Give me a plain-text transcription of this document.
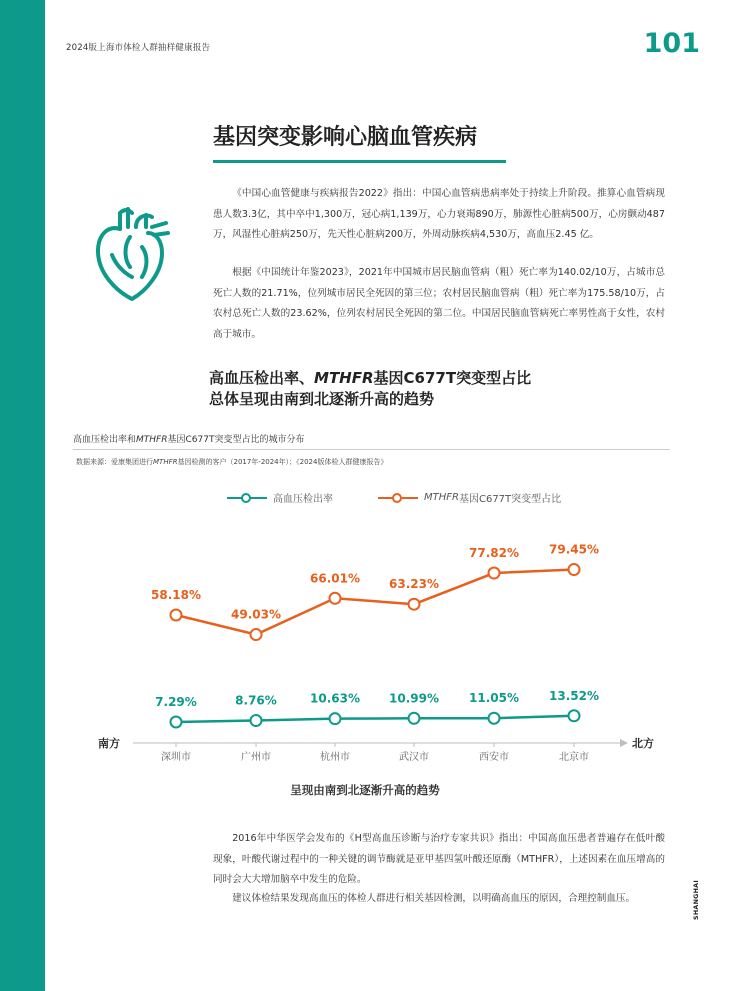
2024版上海市体检人群抽样健康报告	101
基因突变影响心脑血管疾病

《中国心血管健康与疾病报告2022》指出：中国心血管病患病率处于持续上升阶段。推算心血管病现患人数3.3亿，其中卒中1,300万，冠心病1,139万，心力衰竭890万，肺源性心脏病500万，心房颤动487万，风湿性心脏病250万，先天性心脏病200万，外周动脉疾病4,530万，高血压2.45 亿。

根据《中国统计年鉴2023》，2021年中国城市居民脑血管病（粗）死亡率为140.02/10万，占城市总死亡人数的21.71%，位列城市居民全死因的第三位；农村居民脑血管病（粗）死亡率为175.58/10万，占农村总死亡人数的23.62%，位列农村居民全死因的第二位。中国居民脑血管病死亡率男性高于女性，农村高于城市。

高血压检出率、MTHFR基因C677T突变型占比
总体呈现由南到北逐渐升高的趋势
高血压检出率和MTHFR基因C677T突变型占比的城市分布
数据来源：爱康集团进行MTHFR基因检测的客户（2017年-2024年）；《2024版体检人群健康报告》
高血压检出率	MTHFR 基因C677T突变型占比
南方	北方
深圳市	广州市	杭州市	武汉市	西安市	北京市
58.18%
49.03%
66.01% 63.23%
77.82%	79.45%
7.29%	8.76%	10.63% 10.99%	11.05%	13.52%
呈现由南到北逐渐升高的趋势

2016年中华医学会发布的《H型高血压诊断与治疗专家共识》指出：中国高血压患者普遍存在低叶酸现象，叶酸代谢过程中的一种关键的调节酶就是亚甲基四氢叶酸还原酶（MTHFR），上述因素在血压增高的同时会大大增加脑卒中发生的危险。

建议体检结果发现高血压的体检人群进行相关基因检测，以明确高血压的原因，合理控制血压。	SHANGHAI
